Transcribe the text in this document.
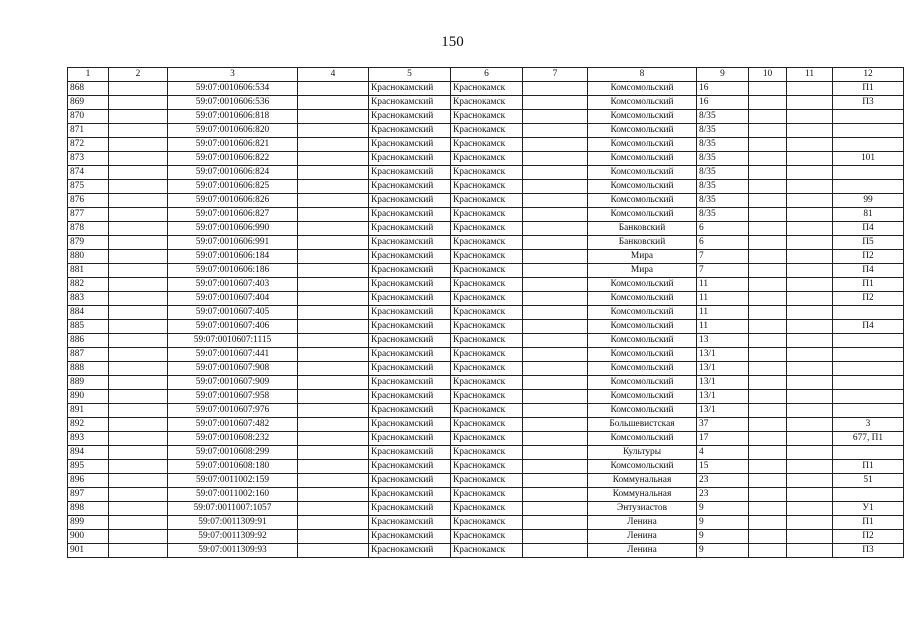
150
1	2	3	4	5	6	7	8	9	10	11	12
868		59:07:0010606:534		Краснокамский	Краснокамск		Комсомольский	16			П1
869		59:07:0010606:536		Краснокамский	Краснокамск		Комсомольский	16			П3
870		59:07:0010606:818		Краснокамский	Краснокамск		Комсомольский	8/35			
871		59:07:0010606:820		Краснокамский	Краснокамск		Комсомольский	8/35			
872		59:07:0010606:821		Краснокамский	Краснокамск		Комсомольский	8/35			
873		59:07:0010606:822		Краснокамский	Краснокамск		Комсомольский	8/35			101
874		59:07:0010606:824		Краснокамский	Краснокамск		Комсомольский	8/35			
875		59:07:0010606:825		Краснокамский	Краснокамск		Комсомольский	8/35			
876		59:07:0010606:826		Краснокамский	Краснокамск		Комсомольский	8/35			99
877		59:07:0010606:827		Краснокамский	Краснокамск		Комсомольский	8/35			81
878		59:07:0010606:990		Краснокамский	Краснокамск		Банковский	6			П4
879		59:07:0010606:991		Краснокамский	Краснокамск		Банковский	6			П5
880		59:07:0010606:184		Краснокамский	Краснокамск		Мира	7			П2
881		59:07:0010606:186		Краснокамский	Краснокамск		Мира	7			П4
882		59:07:0010607:403		Краснокамский	Краснокамск		Комсомольский	11			П1
883		59:07:0010607:404		Краснокамский	Краснокамск		Комсомольский	11			П2
884		59:07:0010607:405		Краснокамский	Краснокамск		Комсомольский	11			
885		59:07:0010607:406		Краснокамский	Краснокамск		Комсомольский	11			П4
886		59:07:0010607:1115		Краснокамский	Краснокамск		Комсомольский	13			
887		59:07:0010607:441		Краснокамский	Краснокамск		Комсомольский	13/1			
888		59:07:0010607:908		Краснокамский	Краснокамск		Комсомольский	13/1			
889		59:07:0010607:909		Краснокамский	Краснокамск		Комсомольский	13/1			
890		59:07:0010607:958		Краснокамский	Краснокамск		Комсомольский	13/1			
891		59:07:0010607:976		Краснокамский	Краснокамск		Комсомольский	13/1			
892		59:07:0010607:482		Краснокамский	Краснокамск		Большевистская	37			3
893		59:07:0010608:232		Краснокамский	Краснокамск		Комсомольский	17			677, П1
894		59:07:0010608:299		Краснокамский	Краснокамск		Культуры	4			
895		59:07:0010608:180		Краснокамский	Краснокамск		Комсомольский	15			П1
896		59:07:0011002:159		Краснокамский	Краснокамск		Коммунальная	23			51
897		59:07:0011002:160		Краснокамский	Краснокамск		Коммунальная	23			
898		59:07:0011007:1057		Краснокамский	Краснокамск		Энтузиастов	9			У1
899		59:07:0011309:91		Краснокамский	Краснокамск		Ленина	9			П1
900		59:07:0011309:92		Краснокамский	Краснокамск		Ленина	9			П2
901		59:07:0011309:93		Краснокамский	Краснокамск		Ленина	9			П3
